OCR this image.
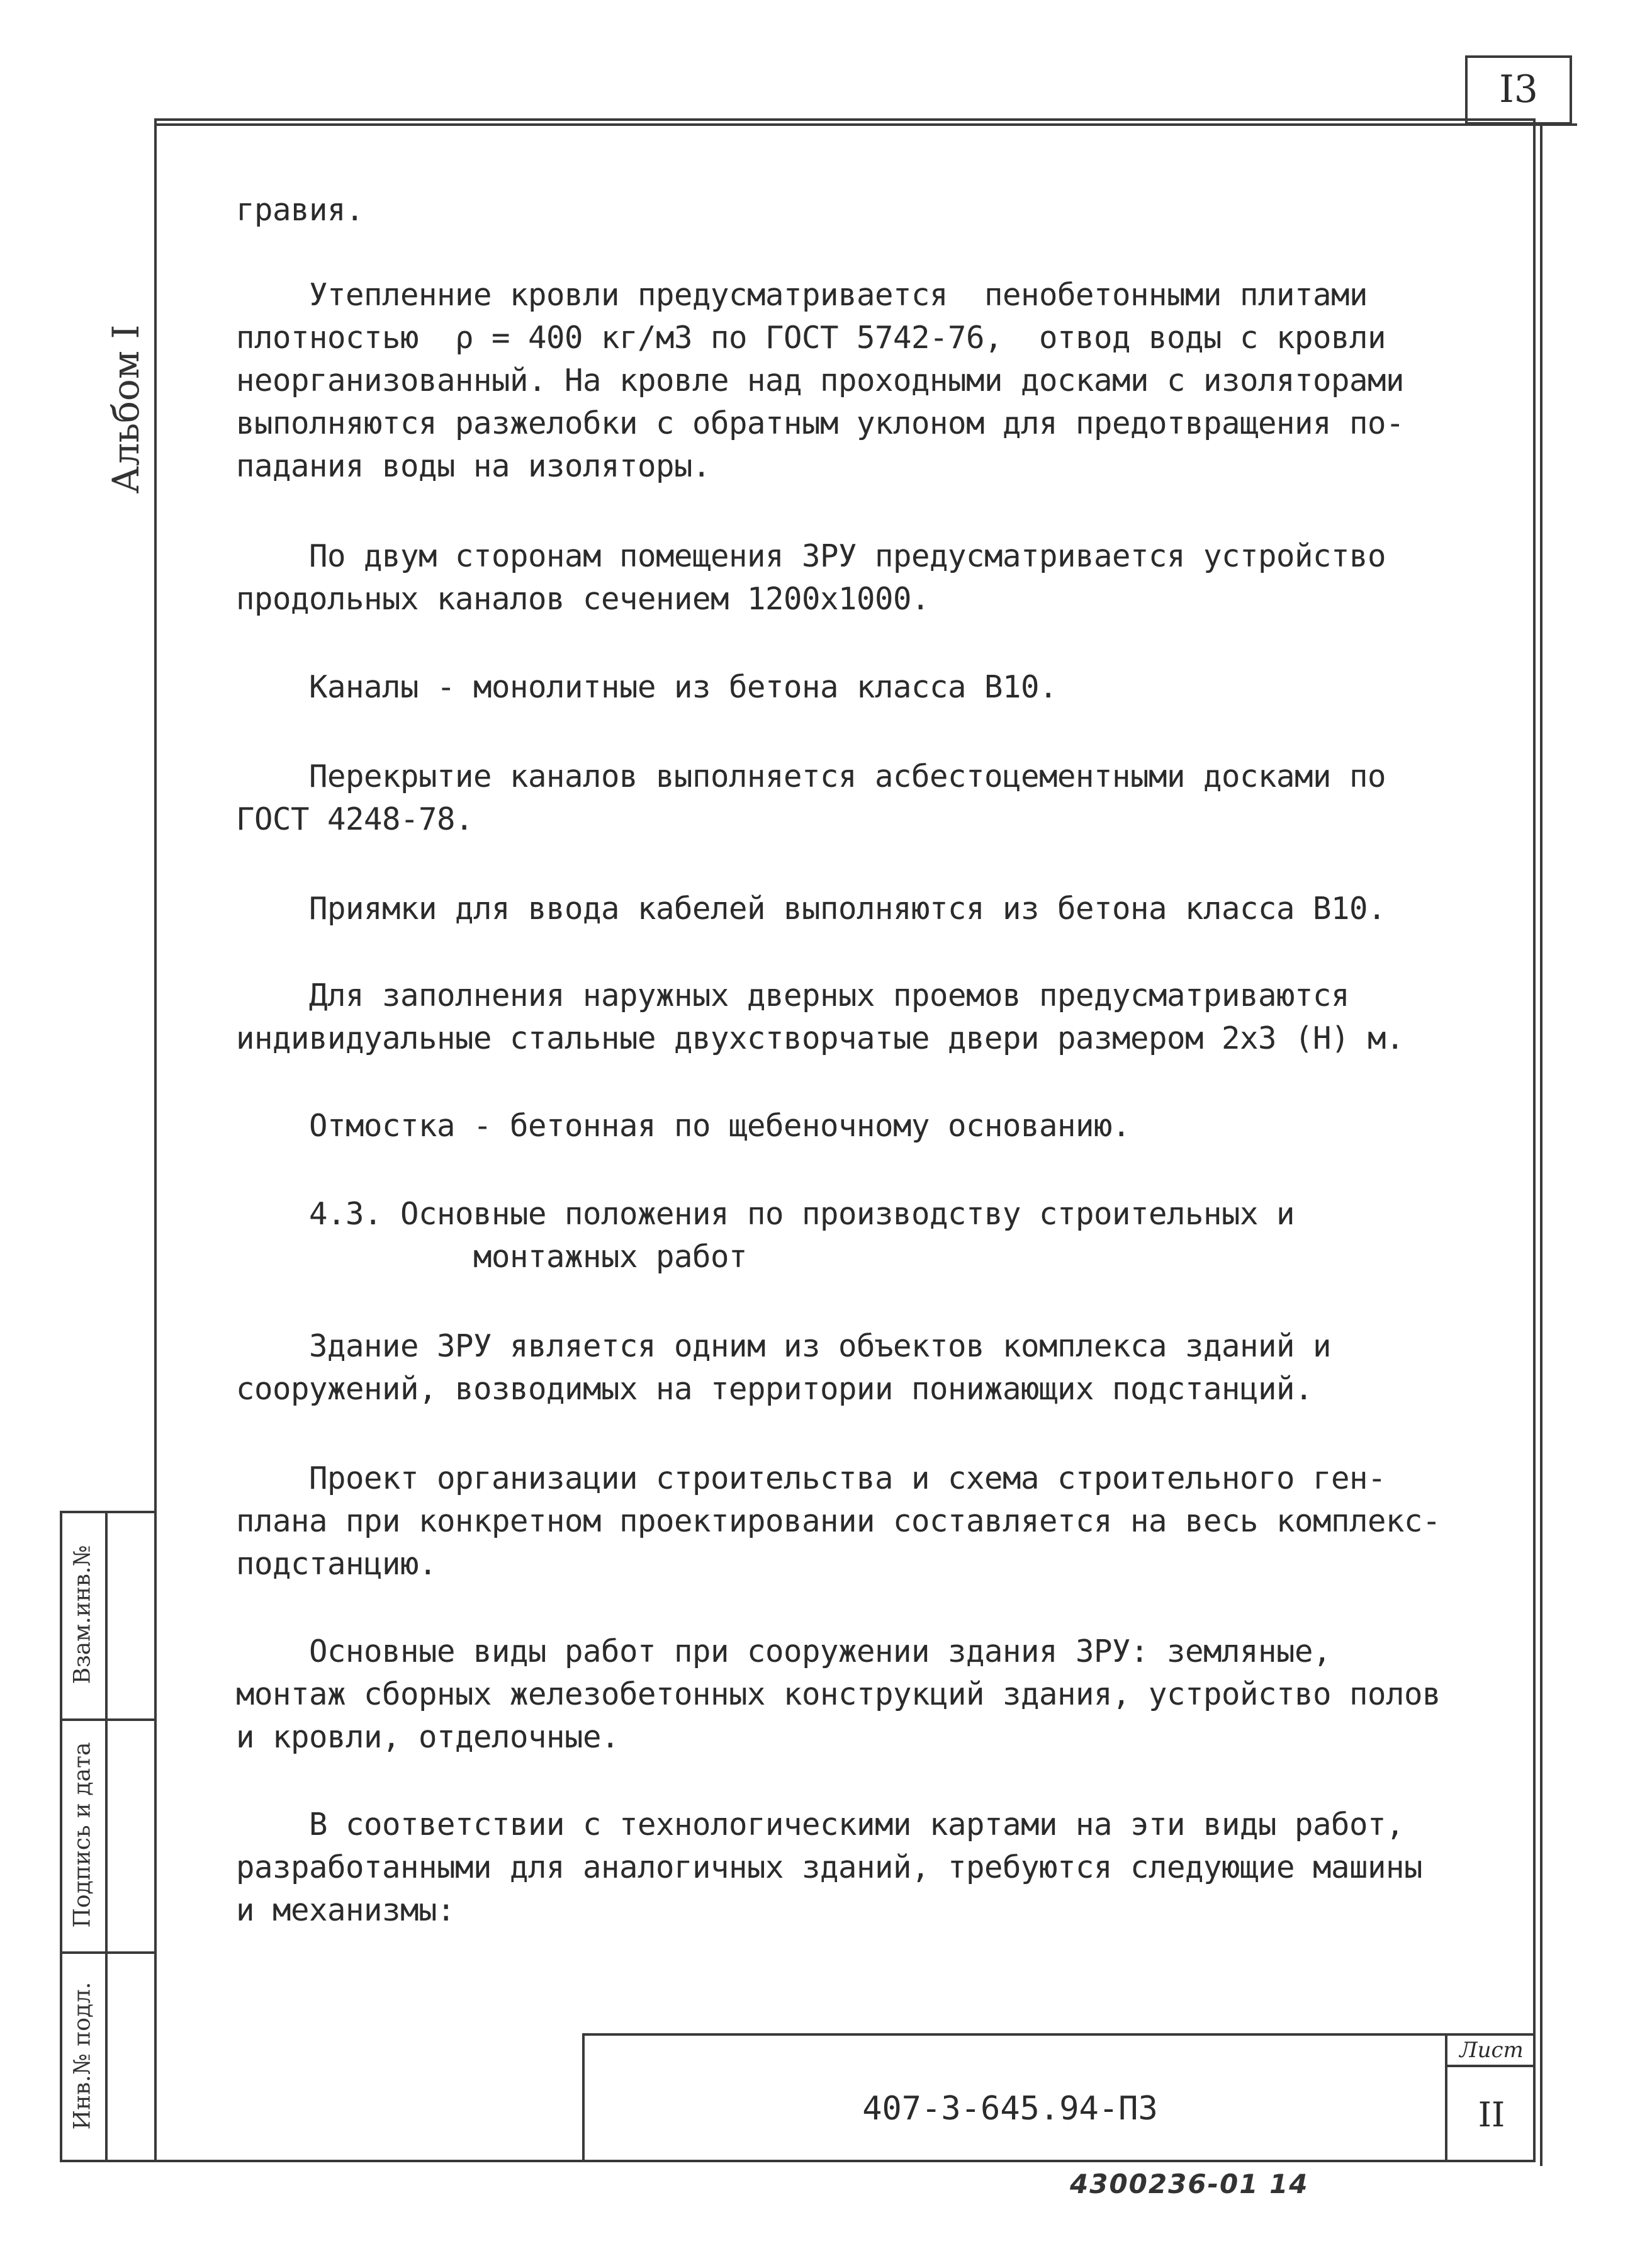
I3
Альбом I
гравия.
Утепленние кровли предусматривается  пенобетонными плитами
плотностью  ρ = 400 кг/м3 по ГОСТ 5742-76,  отвод воды с кровли
неорганизованный. На кровле над проходными досками с изоляторами
выполняются разжелобки с обратным уклоном для предотвращения по-
падания воды на изоляторы.
По двум сторонам помещения ЗРУ предусматривается устройство
продольных каналов сечением 1200х1000.
Каналы - монолитные из бетона класса В10.
Перекрытие каналов выполняется асбестоцементными досками по
ГОСТ 4248-78.
Приямки для ввода кабелей выполняются из бетона класса В10.
Для заполнения наружных дверных проемов предусматриваются
индивидуальные стальные двухстворчатые двери размером 2х3 (Н) м.
Отмостка - бетонная по щебеночному основанию.
4.3. Основные положения по производству строительных и
монтажных работ
Здание ЗРУ является одним из объектов комплекса зданий и
сооружений, возводимых на территории понижающих подстанций.
Проект организации строительства и схема строительного ген-
плана при конкретном проектировании составляется на весь комплекс-
подстанцию.
Основные виды работ при сооружении здания ЗРУ: земляные,
монтаж сборных железобетонных конструкций здания, устройство полов
и кровли, отделочные.
В соответствии с технологическими картами на эти виды работ,
разработанными для аналогичных зданий, требуются следующие машины
и механизмы:
Взам.инв.№
Подпись и дата
Инв.№ подл.	407-3-645.94-ПЗ
Лист
II
4300236-01 14
